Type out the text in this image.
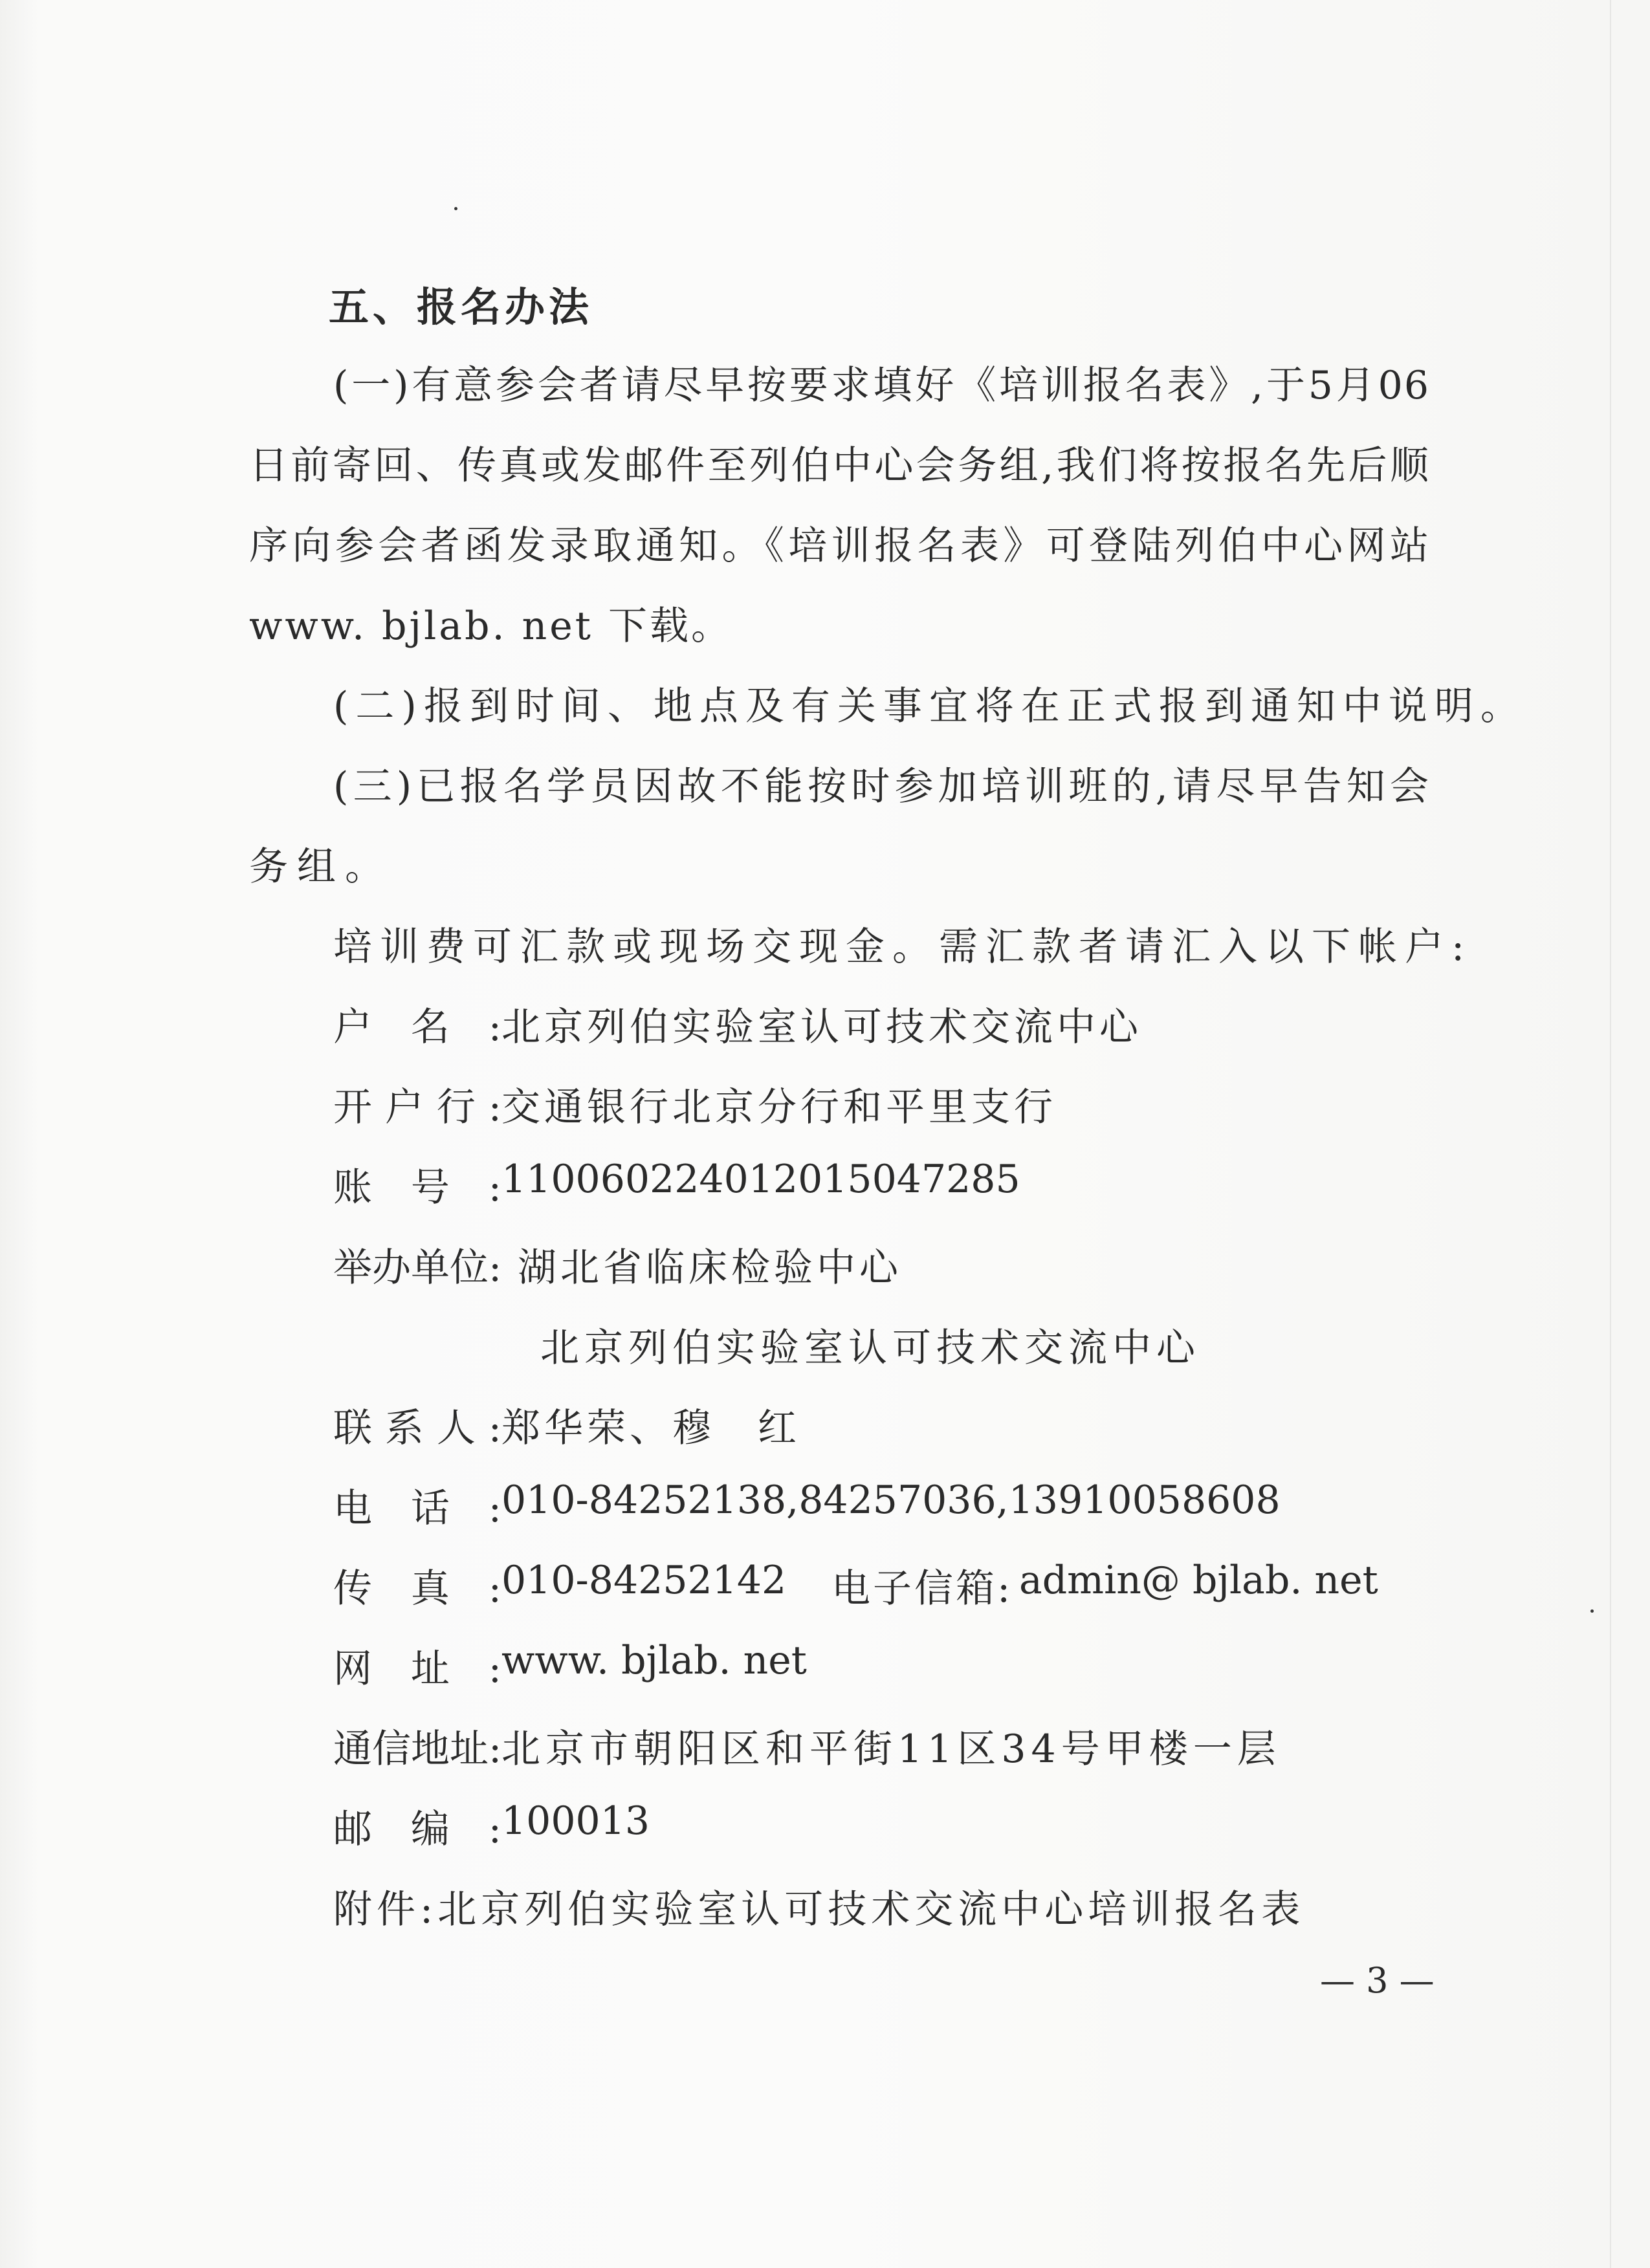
五、报名办法
(一)有意参会者请尽早按要求填好《培训报名表》,于5月06
日前寄回、传真或发邮件至列伯中心会务组,我们将按报名先后顺
序向参会者函发录取通知。《培训报名表》可登陆列伯中心网站
www. bjlab. net 下载。
(二)报到时间、地点及有关事宜将在正式报到通知中说明。
(三)已报名学员因故不能按时参加培训班的,请尽早告知会
务组。
培训费可汇款或现场交现金。需汇款者请汇入以下帐户:
户名: 北京列伯实验室认可技术交流中心
开户行: 交通银行北京分行和平里支行
账号: 110060224012015047285
举办单位: 湖北省临床检验中心
北京列伯实验室认可技术交流中心
联系人: 郑华荣、穆　红
电话: 010-84252138,84257036,13910058608
传真: 010-84252142 电子信箱: admin@ bjlab. net
网址: www. bjlab. net
通信地址: 北京市朝阳区和平街11区34号甲楼一层
邮编: 100013
附件:北京列伯实验室认可技术交流中心培训报名表
— 3 —
